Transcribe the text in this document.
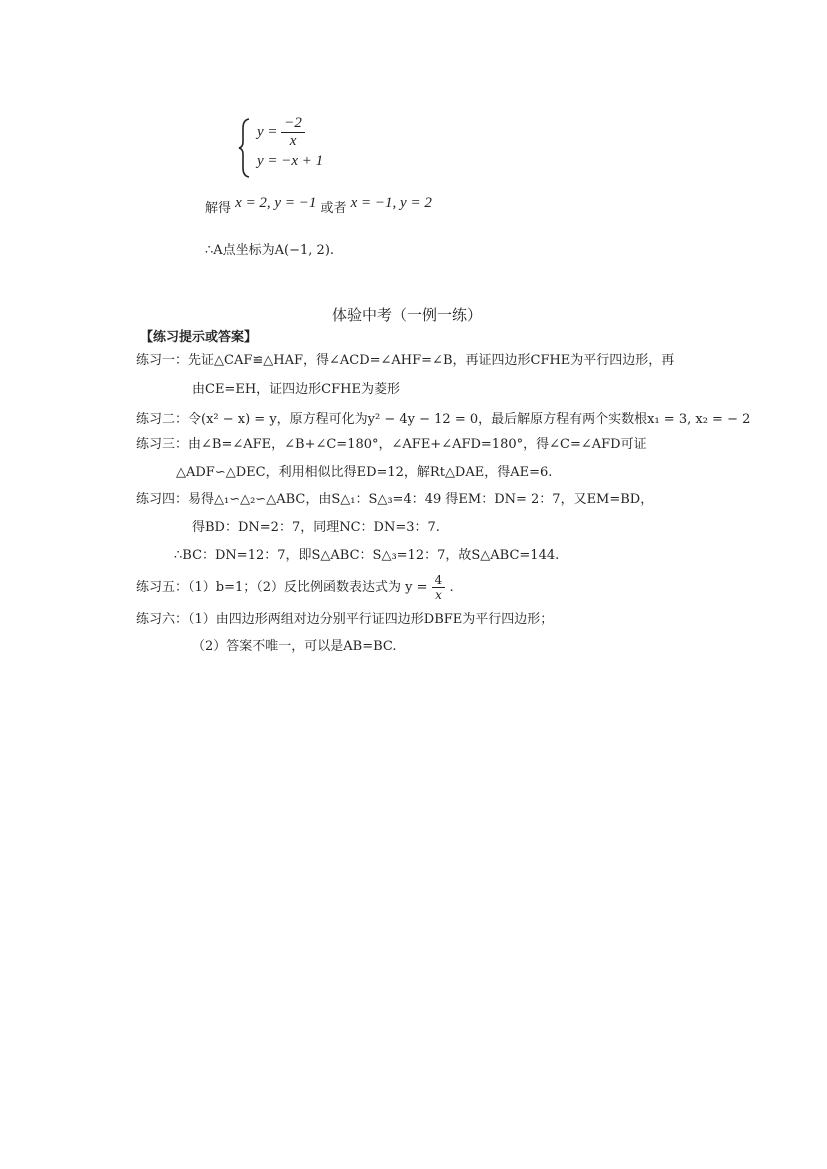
$y = \frac{-2}{x}$
y = −x + 1
解得 x = 2, y = −1 或者 x = −1, y = 2
∴A点坐标为A(−1, 2).
体验中考（一例一练）
【练习提示或答案】
练习一：先证△CAF≌△HAF，得∠ACD=∠AHF=∠B，再证四边形CFHE为平行四边形，再
由CE=EH，证四边形CFHE为菱形
练习二：令(x² − x) = y，原方程可化为y² − 4y − 12 = 0，最后解原方程有两个实数根x₁ = 3, x₂ = − 2
练习三：由∠B=∠AFE，∠B+∠C=180°，∠AFE+∠AFD=180°，得∠C=∠AFD可证
△ADF∽△DEC，利用相似比得ED=12，解Rt△DAE，得AE=6.
练习四：易得△₁∽△₂∽△ABC，由S△₁：S△₃=4：49 得EM：DN= 2：7，又EM=BD，
得BD：DN=2：7，同理NC：DN=3：7.
∴BC：DN=12：7，即S△ABC：S△₃=12：7，故S△ABC=144.
练习五：（1）b=1；（2）反比例函数表达式为 $y = \frac{4}{x}$ .
练习六：（1）由四边形两组对边分别平行证四边形DBFE为平行四边形；
（2）答案不唯一，可以是AB=BC.
